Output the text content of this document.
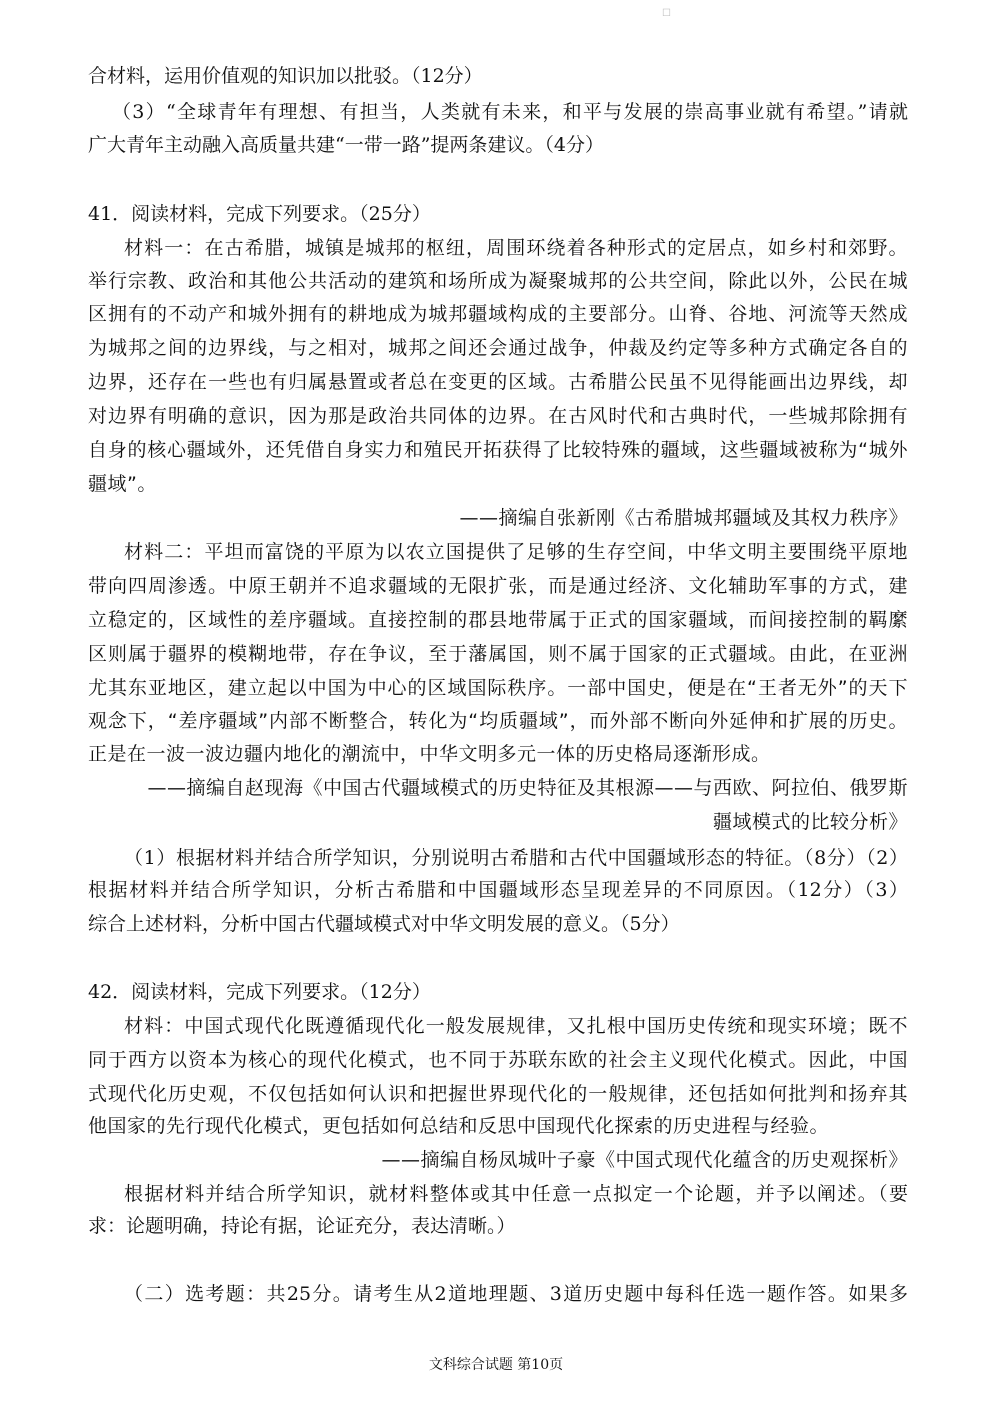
☐
合材料，运用价值观的知识加以批驳。（12分）
（3）“全球青年有理想、有担当，人类就有未来，和平与发展的崇高事业就有希望。”请就
广大青年主动融入高质量共建“一带一路”提两条建议。（4分）
41．阅读材料，完成下列要求。（25分）
材料一：在古希腊，城镇是城邦的枢纽，周围环绕着各种形式的定居点，如乡村和郊野。
举行宗教、政治和其他公共活动的建筑和场所成为凝聚城邦的公共空间，除此以外，公民在城
区拥有的不动产和城外拥有的耕地成为城邦疆域构成的主要部分。山脊、谷地、河流等天然成
为城邦之间的边界线，与之相对，城邦之间还会通过战争，仲裁及约定等多种方式确定各自的
边界，还存在一些也有归属悬置或者总在变更的区域。古希腊公民虽不见得能画出边界线，却
对边界有明确的意识，因为那是政治共同体的边界。在古风时代和古典时代，一些城邦除拥有
自身的核心疆域外，还凭借自身实力和殖民开拓获得了比较特殊的疆域，这些疆域被称为“城外
疆域”。
——摘编自张新刚《古希腊城邦疆域及其权力秩序》
材料二：平坦而富饶的平原为以农立国提供了足够的生存空间，中华文明主要围绕平原地
带向四周渗透。中原王朝并不追求疆域的无限扩张，而是通过经济、文化辅助军事的方式，建
立稳定的，区域性的差序疆域。直接控制的郡县地带属于正式的国家疆域，而间接控制的羁縻
区则属于疆界的模糊地带，存在争议，至于藩属国，则不属于国家的正式疆域。由此，在亚洲
尤其东亚地区，建立起以中国为中心的区域国际秩序。一部中国史，便是在“王者无外”的天下
观念下，“差序疆域”内部不断整合，转化为“均质疆域”，而外部不断向外延伸和扩展的历史。
正是在一波一波边疆内地化的潮流中，中华文明多元一体的历史格局逐渐形成。
——摘编自赵现海《中国古代疆域模式的历史特征及其根源——与西欧、阿拉伯、俄罗斯
疆域模式的比较分析》
（1）根据材料并结合所学知识，分别说明古希腊和古代中国疆域形态的特征。（8分）（2）
根据材料并结合所学知识，分析古希腊和中国疆域形态呈现差异的不同原因。（12分）（3）
综合上述材料，分析中国古代疆域模式对中华文明发展的意义。（5分）
42．阅读材料，完成下列要求。（12分）
材料：中国式现代化既遵循现代化一般发展规律，又扎根中国历史传统和现实环境；既不
同于西方以资本为核心的现代化模式，也不同于苏联东欧的社会主义现代化模式。因此，中国
式现代化历史观，不仅包括如何认识和把握世界现代化的一般规律，还包括如何批判和扬弃其
他国家的先行现代化模式，更包括如何总结和反思中国现代化探索的历史进程与经验。
——摘编自杨凤城叶子豪《中国式现代化蕴含的历史观探析》
根据材料并结合所学知识，就材料整体或其中任意一点拟定一个论题，并予以阐述。（要
求：论题明确，持论有据，论证充分，表达清晰。）
（二）选考题：共25分。请考生从2道地理题、3道历史题中每科任选一题作答。如果多
文科综合试题 第10页
